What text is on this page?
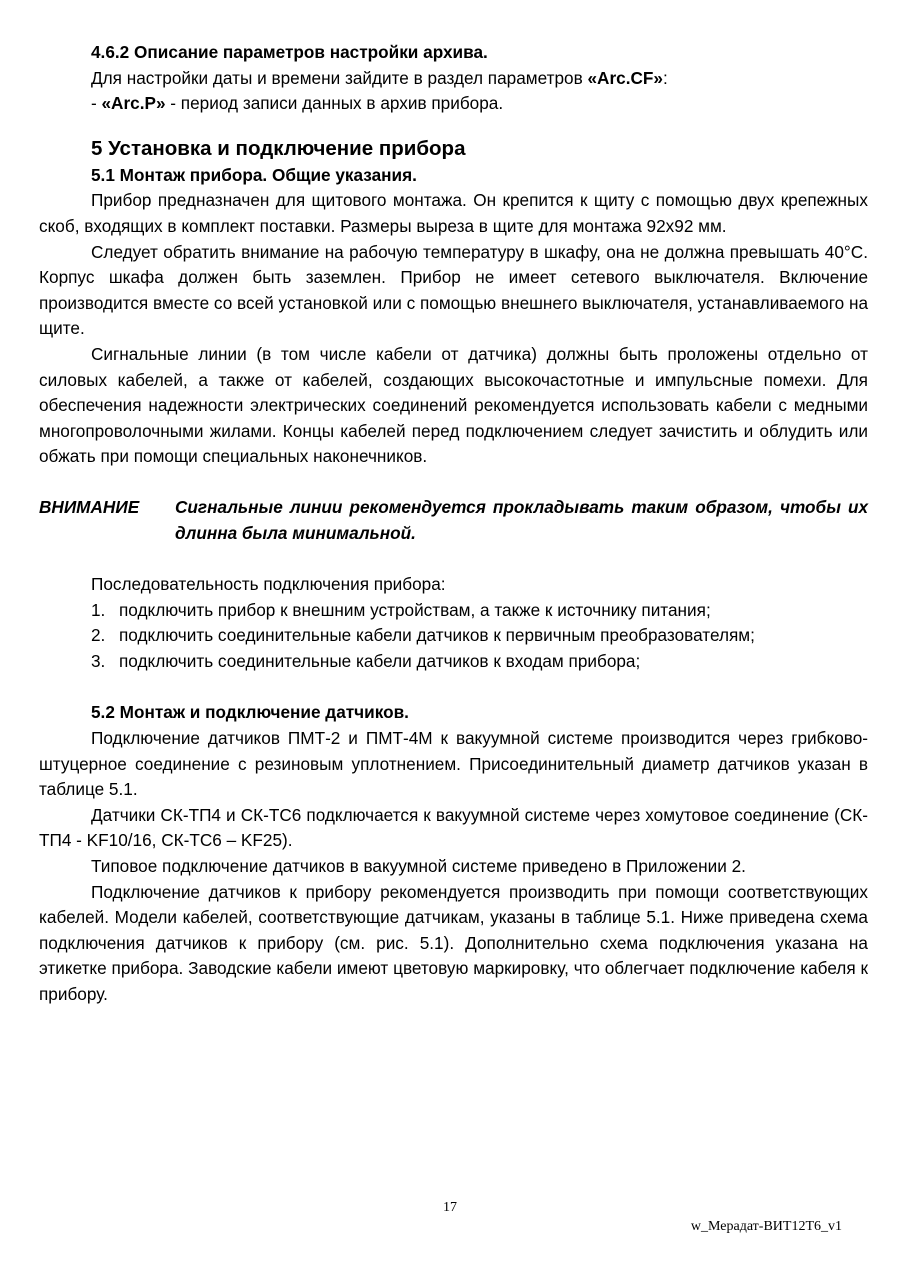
4.6.2 Описание параметров настройки архива.
Для настройки даты и времени зайдите в раздел параметров «Arc.CF»:
- «Arc.P» - период записи данных в архив прибора.
5 Установка и подключение прибора
5.1 Монтаж прибора. Общие указания.

Прибор предназначен для щитового монтажа. Он крепится к щиту с помощью двух крепежных скоб, входящих в комплект поставки. Размеры выреза в щите для монтажа 92х92 мм.

Следует обратить внимание на рабочую температуру в шкафу, она не должна превышать 40°С. Корпус шкафа должен быть заземлен. Прибор не имеет сетевого выключателя. Включение производится вместе со всей установкой или с помощью внешнего выключателя, устанавливаемого на щите.

Сигнальные линии (в том числе кабели от датчика) должны быть проложены отдельно от силовых кабелей, а также от кабелей, создающих высокочастотные и импульсные помехи. Для обеспечения надежности электрических соединений рекомендуется использовать кабели с медными многопроволочными жилами. Концы кабелей перед подключением следует зачистить и облудить или обжать при помощи специальных наконечников.

ВНИМАНИЕ	Сигнальные линии рекомендуется прокладывать таким образом, чтобы их длинна была минимальной.
Последовательность подключения прибора:
1. подключить прибор к внешним устройствам, а также к источнику питания;
2. подключить соединительные кабели датчиков к первичным преобразователям;
3. подключить соединительные кабели датчиков к входам прибора;
5.2 Монтаж и подключение датчиков.

Подключение датчиков ПМТ-2 и ПМТ-4М к вакуумной системе производится через грибково-штуцерное соединение с резиновым уплотнением. Присоединительный диаметр датчиков указан в таблице 5.1.

Датчики СК-ТП4 и СК-ТС6 подключается к вакуумной системе через хомутовое соединение (СК-ТП4 - KF10/16, СК-ТС6 – KF25).

Типовое подключение датчиков в вакуумной системе приведено в Приложении 2.

Подключение датчиков к прибору рекомендуется производить при помощи соответствующих кабелей. Модели кабелей, соответствующие датчикам, указаны в таблице 5.1. Ниже приведена схема подключения датчиков к прибору (см. рис. 5.1). Дополнительно схема подключения указана на этикетке прибора. Заводские кабели имеют цветовую маркировку, что облегчает подключение кабеля к прибору.

17
w_Мерадат-ВИТ12Т6_v1
